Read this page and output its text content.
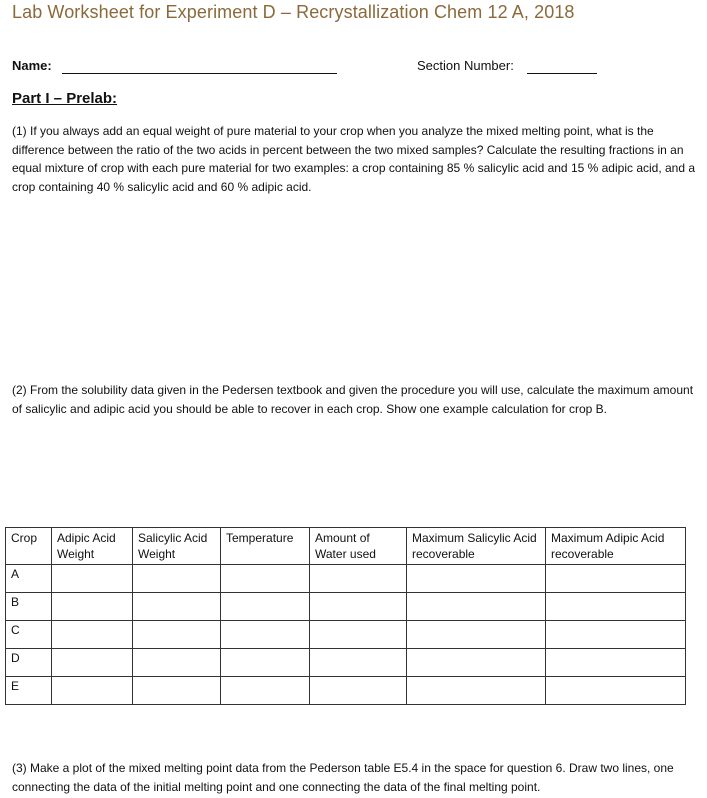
Lab Worksheet for Experiment D – Recrystallization Chem 12 A, 2018
Name:	Section Number:
Part I – Prelab:
(1) If you always add an equal weight of pure material to your crop when you analyze the mixed melting point, what is the difference between the ratio of the two acids in percent between the two mixed samples? Calculate the resulting fractions in an equal mixture of crop with each pure material for two examples: a crop containing 85 % salicylic acid and 15 % adipic acid, and a crop containing 40 % salicylic acid and 60 % adipic acid.
(2) From the solubility data given in the Pedersen textbook and given the procedure you will use, calculate the maximum amount of salicylic and adipic acid you should be able to recover in each crop. Show one example calculation for crop B.
Crop	Adipic Acid Weight	Salicylic Acid Weight	Temperature	Amount of Water used	Maximum Salicylic Acid recoverable	Maximum Adipic Acid recoverable
A						
B						
C						
D						
E						
(3) Make a plot of the mixed melting point data from the Pederson table E5.4 in the space for question 6. Draw two lines, one connecting the data of the initial melting point and one connecting the data of the final melting point.
